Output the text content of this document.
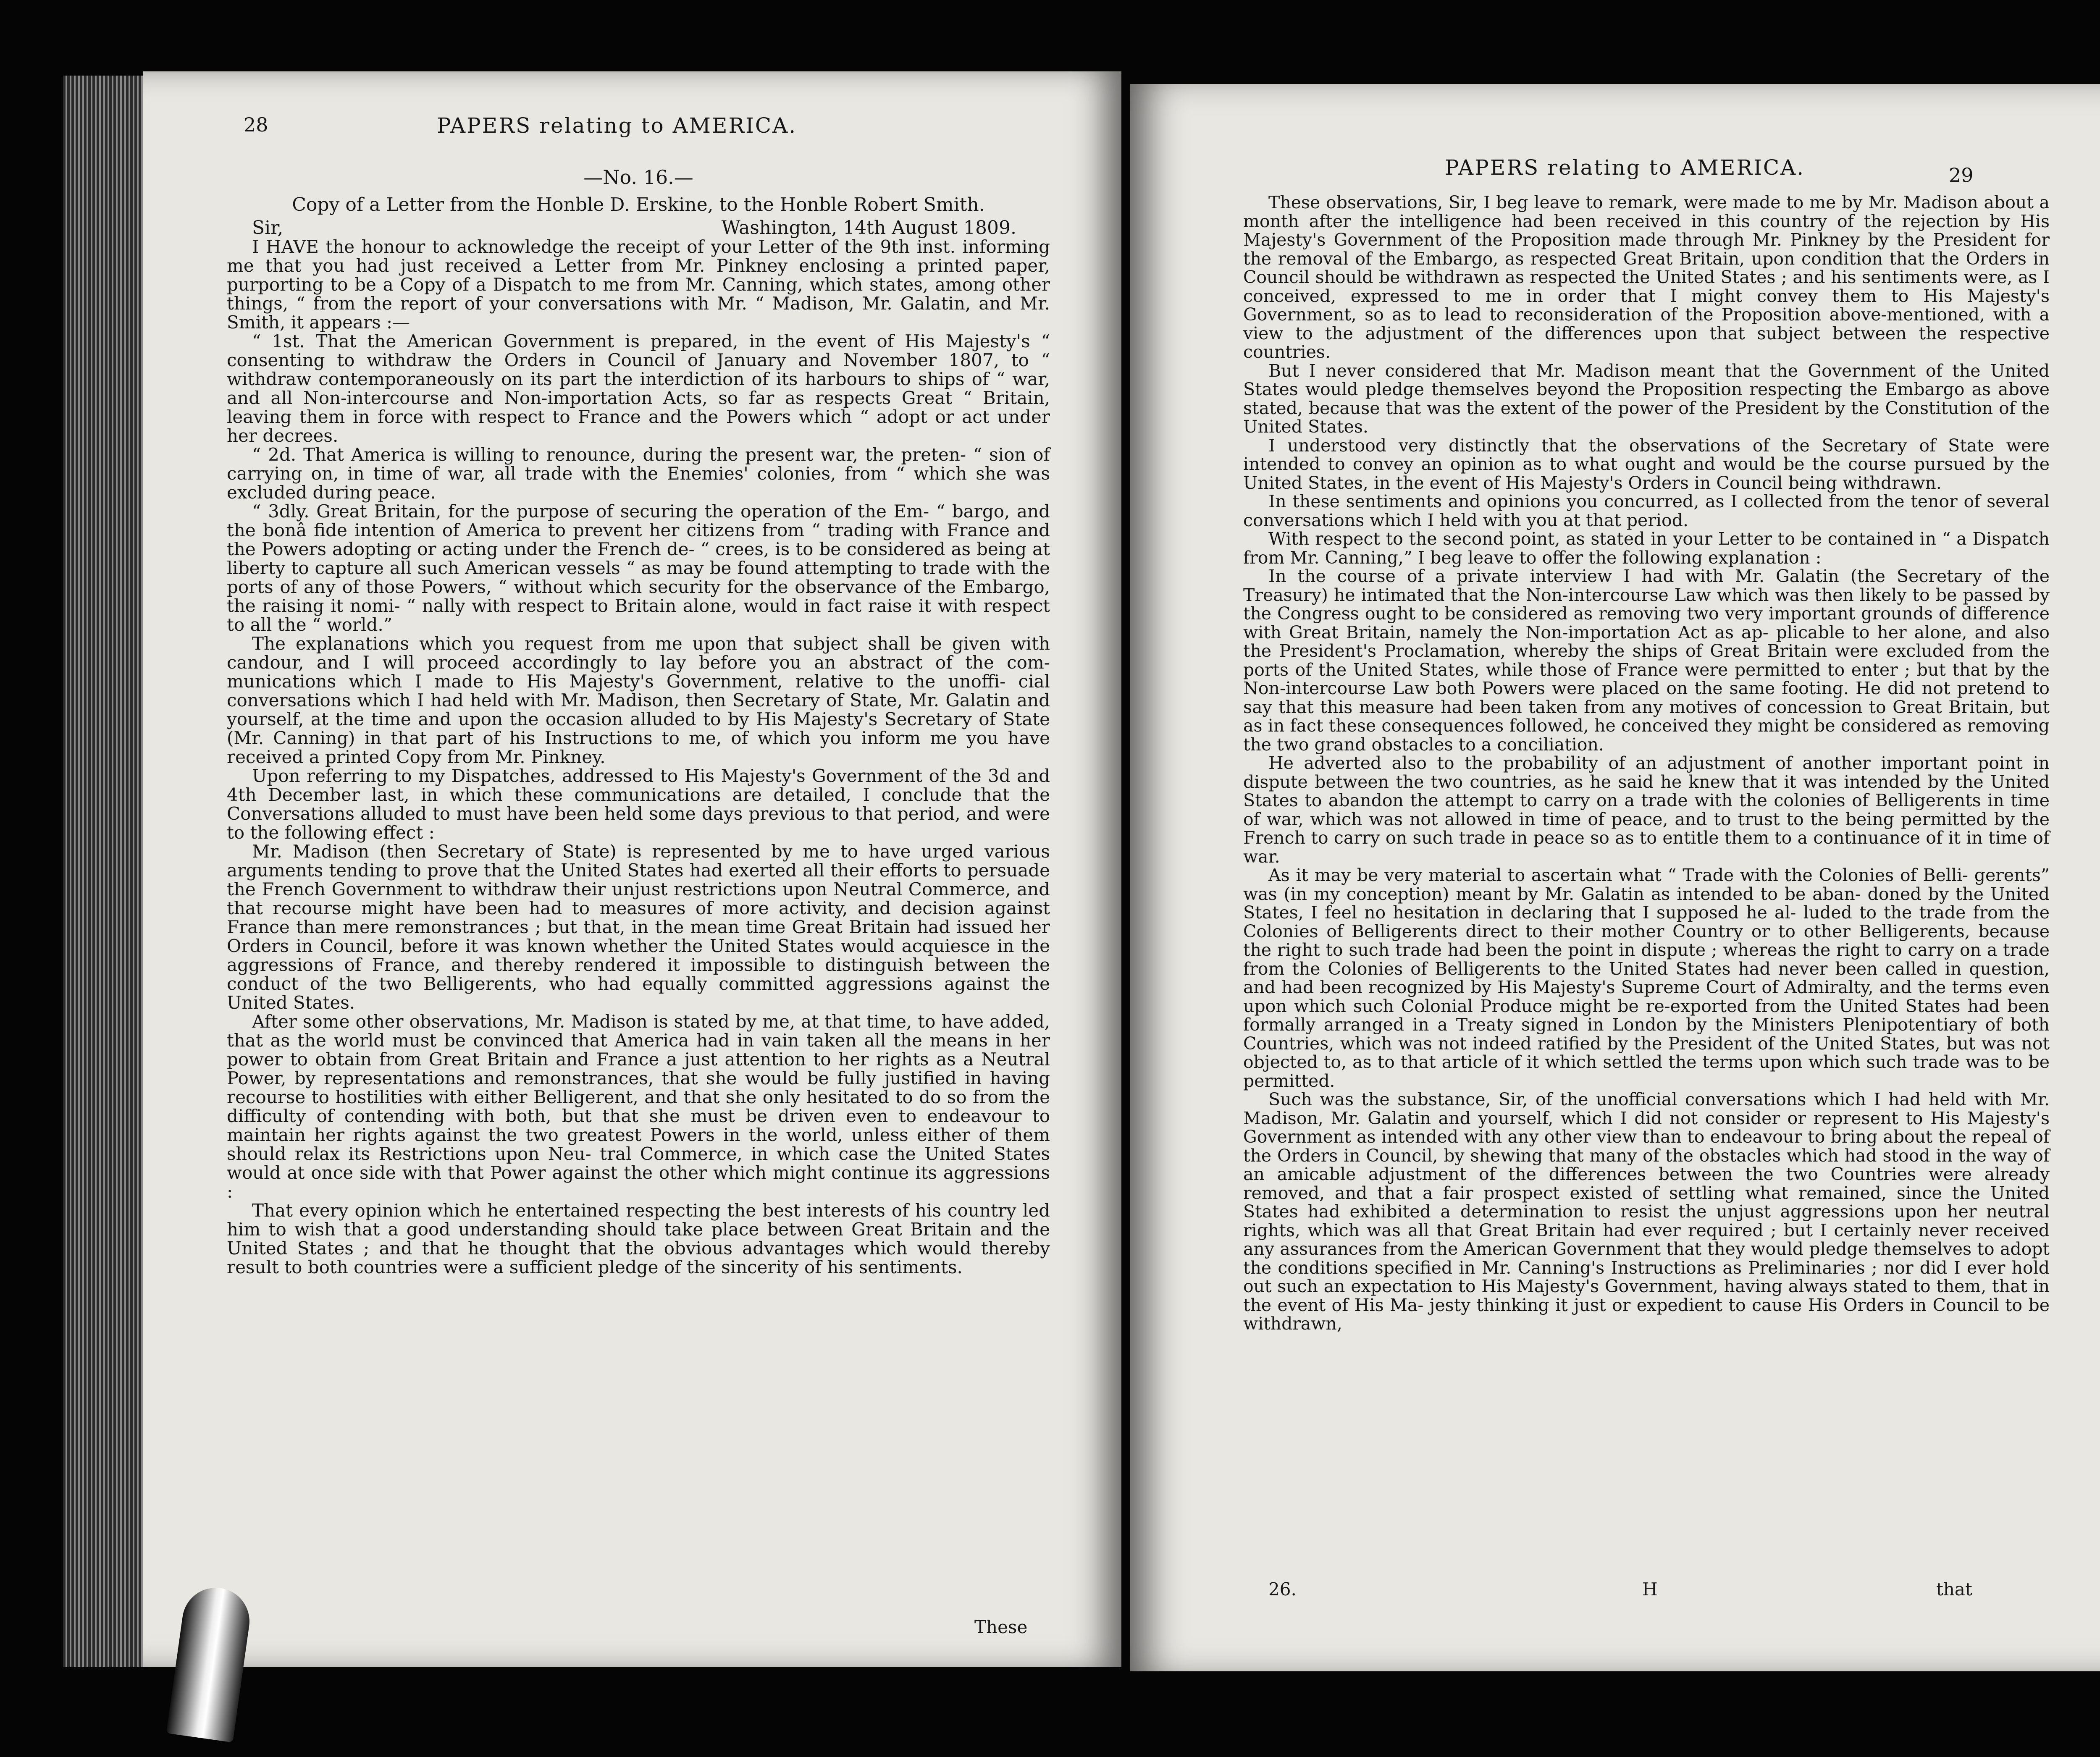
28	PAPERS relating to AMERICA.
—No. 16.—
Copy of a Letter from the Honble D. Erskine, to the Honble Robert Smith.
Sir,	Washington, 14th August 1809.

I HAVE the honour to acknowledge the receipt of your Letter of the 9th inst. informing me that you had just received a Letter from Mr. Pinkney enclosing a printed paper, purporting to be a Copy of a Dispatch to me from Mr. Canning, which states, among other things, “ from the report of your conversations with Mr. “ Madison, Mr. Galatin, and Mr. Smith, it appears :—

“ 1st. That the American Government is prepared, in the event of His Majesty's “ consenting to withdraw the Orders in Council of January and November 1807, to “ withdraw contemporaneously on its part the interdiction of its harbours to ships of “ war, and all Non-intercourse and Non-importation Acts, so far as respects Great “ Britain, leaving them in force with respect to France and the Powers which “ adopt or act under her decrees.

“ 2d. That America is willing to renounce, during the present war, the preten- “ sion of carrying on, in time of war, all trade with the Enemies' colonies, from “ which she was excluded during peace.

“ 3dly. Great Britain, for the purpose of securing the operation of the Em- “ bargo, and the bonâ fide intention of America to prevent her citizens from “ trading with France and the Powers adopting or acting under the French de- “ crees, is to be considered as being at liberty to capture all such American vessels “ as may be found attempting to trade with the ports of any of those Powers, “ without which security for the observance of the Embargo, the raising it nomi- “ nally with respect to Britain alone, would in fact raise it with respect to all the “ world.”

The explanations which you request from me upon that subject shall be given with candour, and I will proceed accordingly to lay before you an abstract of the com- munications which I made to His Majesty's Government, relative to the unoffi- cial conversations which I had held with Mr. Madison, then Secretary of State, Mr. Galatin and yourself, at the time and upon the occasion alluded to by His Majesty's Secretary of State (Mr. Canning) in that part of his Instructions to me, of which you inform me you have received a printed Copy from Mr. Pinkney.

Upon referring to my Dispatches, addressed to His Majesty's Government of the 3d and 4th December last, in which these communications are detailed, I conclude that the Conversations alluded to must have been held some days previous to that period, and were to the following effect :

Mr. Madison (then Secretary of State) is represented by me to have urged various arguments tending to prove that the United States had exerted all their efforts to persuade the French Government to withdraw their unjust restrictions upon Neutral Commerce, and that recourse might have been had to measures of more activity, and decision against France than mere remonstrances ; but that, in the mean time Great Britain had issued her Orders in Council, before it was known whether the United States would acquiesce in the aggressions of France, and thereby rendered it impossible to distinguish between the conduct of the two Belligerents, who had equally committed aggressions against the United States.

After some other observations, Mr. Madison is stated by me, at that time, to have added, that as the world must be convinced that America had in vain taken all the means in her power to obtain from Great Britain and France a just attention to her rights as a Neutral Power, by representations and remonstrances, that she would be fully justified in having recourse to hostilities with either Belligerent, and that she only hesitated to do so from the difficulty of contending with both, but that she must be driven even to endeavour to maintain her rights against the two greatest Powers in the world, unless either of them should relax its Restrictions upon Neu- tral Commerce, in which case the United States would at once side with that Power against the other which might continue its aggressions :

That every opinion which he entertained respecting the best interests of his country led him to wish that a good understanding should take place between Great Britain and the United States ; and that he thought that the obvious advantages which would thereby result to both countries were a sufficient pledge of the sincerity of his sentiments.

These
PAPERS relating to AMERICA.	29

These observations, Sir, I beg leave to remark, were made to me by Mr. Madison about a month after the intelligence had been received in this country of the rejection by His Majesty's Government of the Proposition made through Mr. Pinkney by the President for the removal of the Embargo, as respected Great Britain, upon condition that the Orders in Council should be withdrawn as respected the United States ; and his sentiments were, as I conceived, expressed to me in order that I might convey them to His Majesty's Government, so as to lead to reconsideration of the Proposition above-mentioned, with a view to the adjustment of the differences upon that subject between the respective countries.

But I never considered that Mr. Madison meant that the Government of the United States would pledge themselves beyond the Proposition respecting the Embargo as above stated, because that was the extent of the power of the President by the Constitution of the United States.

I understood very distinctly that the observations of the Secretary of State were intended to convey an opinion as to what ought and would be the course pursued by the United States, in the event of His Majesty's Orders in Council being withdrawn.

In these sentiments and opinions you concurred, as I collected from the tenor of several conversations which I held with you at that period.

With respect to the second point, as stated in your Letter to be contained in “ a Dispatch from Mr. Canning,” I beg leave to offer the following explanation :

In the course of a private interview I had with Mr. Galatin (the Secretary of the Treasury) he intimated that the Non-intercourse Law which was then likely to be passed by the Congress ought to be considered as removing two very important grounds of difference with Great Britain, namely the Non-importation Act as ap- plicable to her alone, and also the President's Proclamation, whereby the ships of Great Britain were excluded from the ports of the United States, while those of France were permitted to enter ; but that by the Non-intercourse Law both Powers were placed on the same footing. He did not pretend to say that this measure had been taken from any motives of concession to Great Britain, but as in fact these consequences followed, he conceived they might be considered as removing the two grand obstacles to a conciliation.

He adverted also to the probability of an adjustment of another important point in dispute between the two countries, as he said he knew that it was intended by the United States to abandon the attempt to carry on a trade with the colonies of Belligerents in time of war, which was not allowed in time of peace, and to trust to the being permitted by the French to carry on such trade in peace so as to entitle them to a continuance of it in time of war.

As it may be very material to ascertain what “ Trade with the Colonies of Belli- gerents” was (in my conception) meant by Mr. Galatin as intended to be aban- doned by the United States, I feel no hesitation in declaring that I supposed he al- luded to the trade from the Colonies of Belligerents direct to their mother Country or to other Belligerents, because the right to such trade had been the point in dispute ; whereas the right to carry on a trade from the Colonies of Belligerents to the United States had never been called in question, and had been recognized by His Majesty's Supreme Court of Admiralty, and the terms even upon which such Colonial Produce might be re-exported from the United States had been formally arranged in a Treaty signed in London by the Ministers Plenipotentiary of both Countries, which was not indeed ratified by the President of the United States, but was not objected to, as to that article of it which settled the terms upon which such trade was to be permitted.

Such was the substance, Sir, of the unofficial conversations which I had held with Mr. Madison, Mr. Galatin and yourself, which I did not consider or represent to His Majesty's Government as intended with any other view than to endeavour to bring about the repeal of the Orders in Council, by shewing that many of the obstacles which had stood in the way of an amicable adjustment of the differences between the two Countries were already removed, and that a fair prospect existed of settling what remained, since the United States had exhibited a determination to resist the unjust aggressions upon her neutral rights, which was all that Great Britain had ever required ; but I certainly never received any assurances from the American Government that they would pledge themselves to adopt the conditions specified in Mr. Canning's Instructions as Preliminaries ; nor did I ever hold out such an expectation to His Majesty's Government, having always stated to them, that in the event of His Ma- jesty thinking it just or expedient to cause His Orders in Council to be withdrawn,

26.	H	that
